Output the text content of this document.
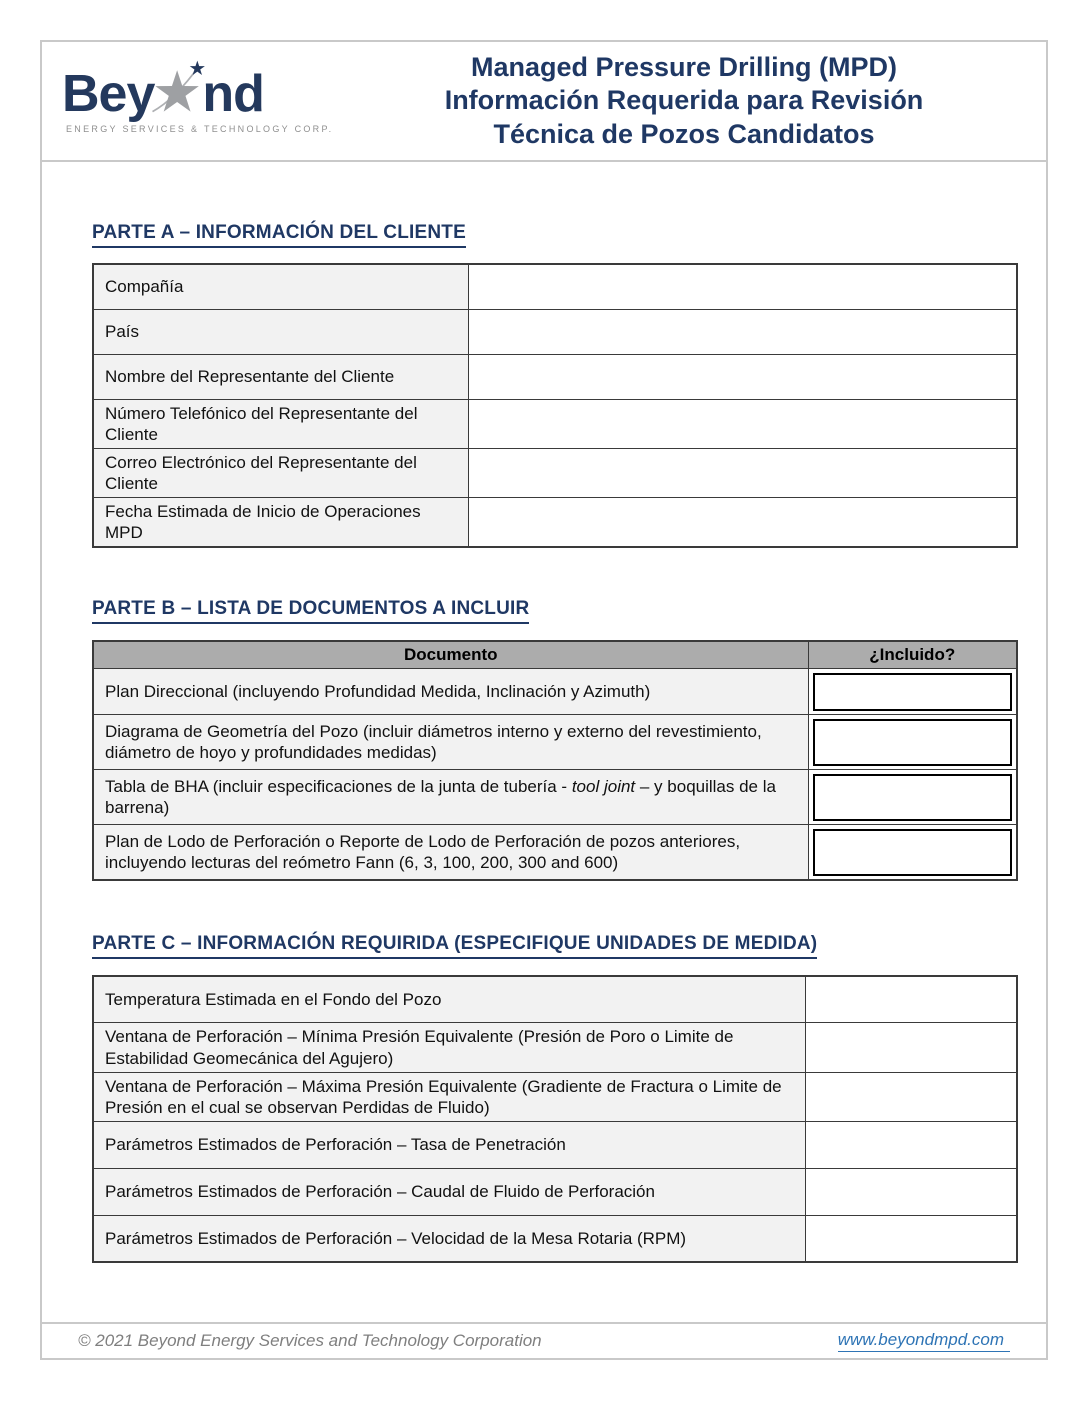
Bey nd
ENERGY SERVICES & TECHNOLOGY CORP.
Managed Pressure Drilling (MPD)
Información Requerida para Revisión
Técnica de Pozos Candidatos
PARTE A – INFORMACIÓN DEL CLIENTE
Compañía	
País	
Nombre del Representante del Cliente	
Número Telefónico del Representante del Cliente	
Correo Electrónico del Representante del Cliente	
Fecha Estimada de Inicio de Operaciones MPD	
PARTE B – LISTA DE DOCUMENTOS A INCLUIR
Documento	¿Incluido?
Plan Direccional (incluyendo Profundidad Medida, Inclinación y Azimuth)	

Diagrama de Geometría del Pozo (incluir diámetros interno y externo del revestimiento, diámetro de hoyo y profundidades medidas)	

Tabla de BHA (incluir especificaciones de la junta de tubería - tool joint – y boquillas de la barrena)	

Plan de Lodo de Perforación o Reporte de Lodo de Perforación de pozos anteriores, incluyendo lecturas del reómetro Fann (6, 3, 100, 200, 300 and 600)	
PARTE C – INFORMACIÓN REQUIRIDA (ESPECIFIQUE UNIDADES DE MEDIDA)
Temperatura Estimada en el Fondo del Pozo	
Ventana de Perforación – Mínima Presión Equivalente (Presión de Poro o Limite de Estabilidad Geomecánica del Agujero)	
Ventana de Perforación – Máxima Presión Equivalente (Gradiente de Fractura o Limite de Presión en el cual se observan Perdidas de Fluido)	
Parámetros Estimados de Perforación – Tasa de Penetración	
Parámetros Estimados de Perforación – Caudal de Fluido de Perforación	
Parámetros Estimados de Perforación – Velocidad de la Mesa Rotaria (RPM)	
© 2021 Beyond Energy Services and Technology Corporation	www.beyondmpd.com
